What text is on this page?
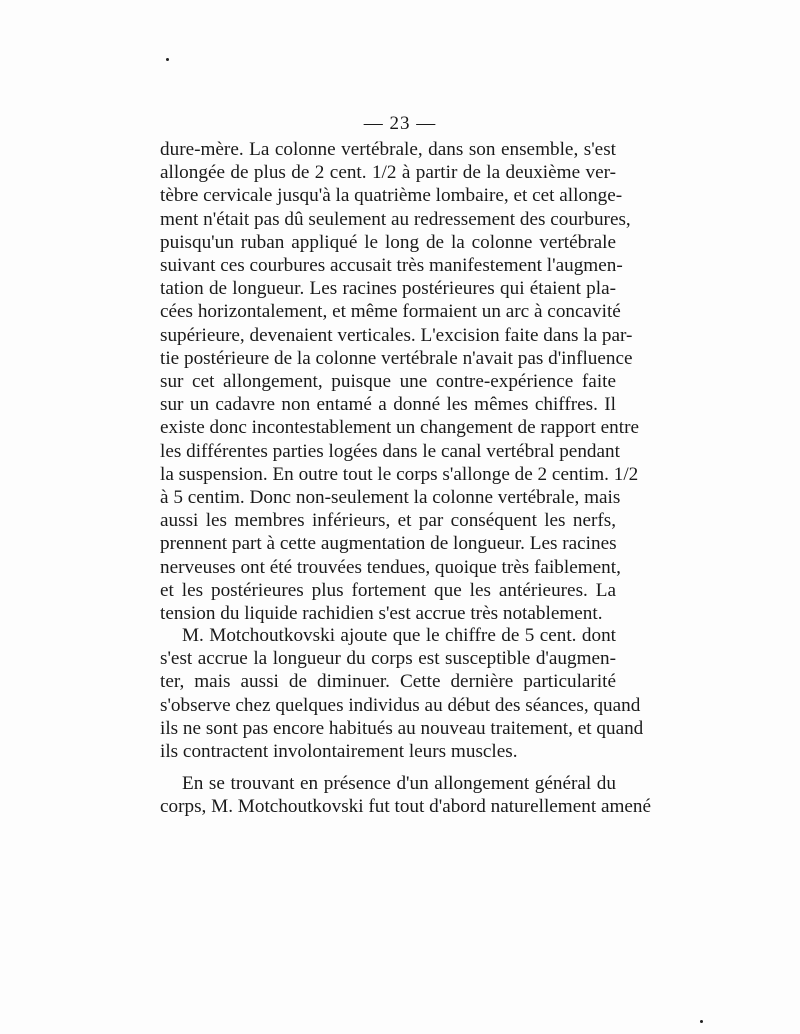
— 23 —
dure-mère. La colonne vertébrale, dans son ensemble, s'est
allongée de plus de 2 cent. 1/2 à partir de la deuxième ver-
tèbre cervicale jusqu'à la quatrième lombaire, et cet allonge-
ment n'était pas dû seulement au redressement des courbures,
puisqu'un ruban appliqué le long de la colonne vertébrale
suivant ces courbures accusait très manifestement l'augmen-
tation de longueur. Les racines postérieures qui étaient pla-
cées horizontalement, et même formaient un arc à concavité
supérieure, devenaient verticales. L'excision faite dans la par-
tie postérieure de la colonne vertébrale n'avait pas d'influence
sur cet allongement, puisque une contre-expérience faite
sur un cadavre non entamé a donné les mêmes chiffres. Il
existe donc incontestablement un changement de rapport entre
les différentes parties logées dans le canal vertébral pendant
la suspension. En outre tout le corps s'allonge de 2 centim. 1/2
à 5 centim. Donc non-seulement la colonne vertébrale, mais
aussi les membres inférieurs, et par conséquent les nerfs,
prennent part à cette augmentation de longueur. Les racines
nerveuses ont été trouvées tendues, quoique très faiblement,
et les postérieures plus fortement que les antérieures. La
tension du liquide rachidien s'est accrue très notablement.
M. Motchoutkovski ajoute que le chiffre de 5 cent. dont
s'est accrue la longueur du corps est susceptible d'augmen-
ter, mais aussi de diminuer. Cette dernière particularité
s'observe chez quelques individus au début des séances, quand
ils ne sont pas encore habitués au nouveau traitement, et quand
ils contractent involontairement leurs muscles.
En se trouvant en présence d'un allongement général du
corps, M. Motchoutkovski fut tout d'abord naturellement amené
